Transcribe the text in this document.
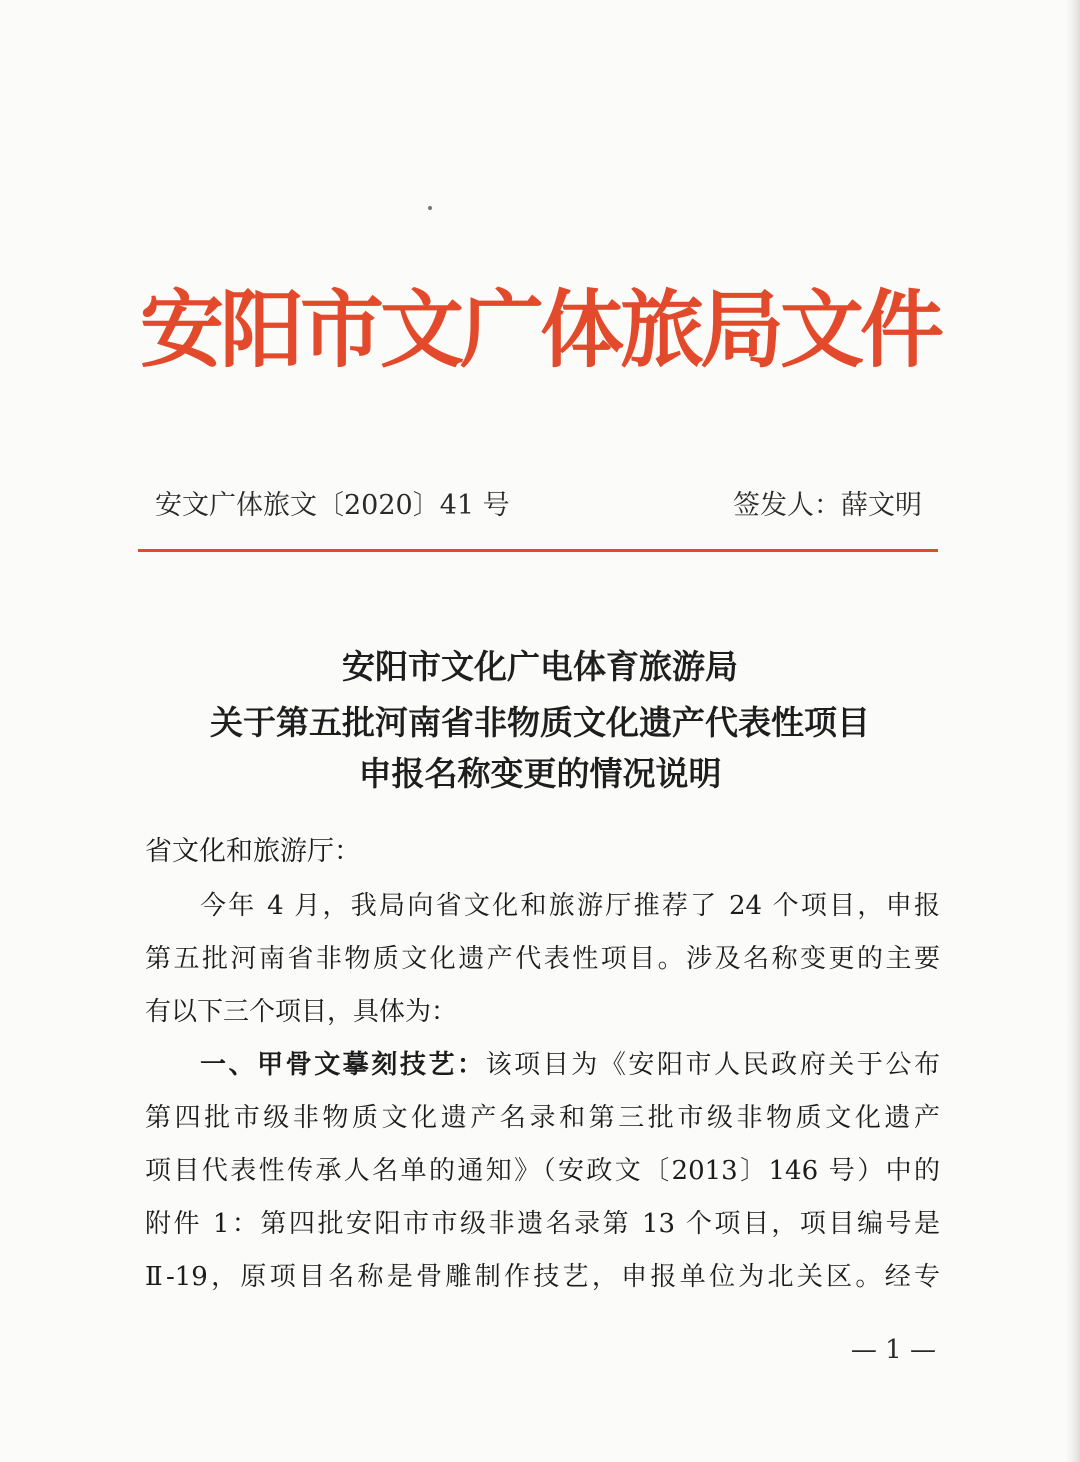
安阳市文广体旅局文件
安文广体旅文〔2020〕41 号	签发人：薛文明
安阳市文化广电体育旅游局
关于第五批河南省非物质文化遗产代表性项目
申报名称变更的情况说明
省文化和旅游厅：
今年 4 月，我局向省文化和旅游厅推荐了 24 个项目，申报
第五批河南省非物质文化遗产代表性项目。涉及名称变更的主要
有以下三个项目，具体为：
一、甲骨文摹刻技艺：该项目为《安阳市人民政府关于公布
第四批市级非物质文化遗产名录和第三批市级非物质文化遗产
项目代表性传承人名单的通知》（安政文〔2013〕146 号）中的
附件 1：第四批安阳市市级非遗名录第 13 个项目，项目编号是
Ⅱ-19，原项目名称是骨雕制作技艺，申报单位为北关区。经专
— 1 —
